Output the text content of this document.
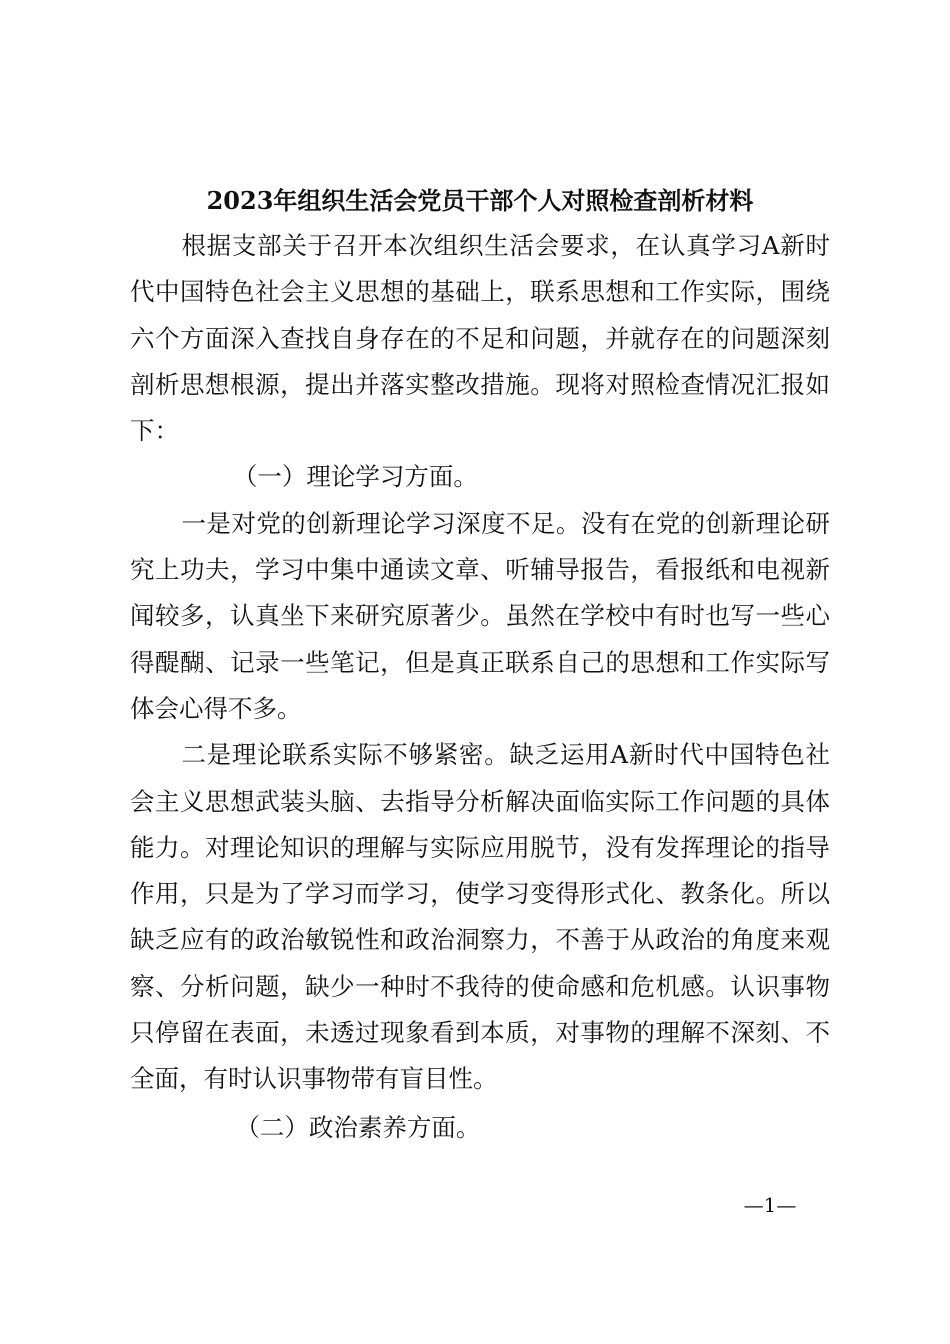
2023年组织生活会党员干部个人对照检查剖析材料

根据支部关于召开本次组织生活会要求，在认真学习A新时代中国特色社会主义思想的基础上，联系思想和工作实际，围绕六个方面深入查找自身存在的不足和问题，并就存在的问题深刻剖析思想根源，提出并落实整改措施。现将对照检查情况汇报如下：

（一）理论学习方面。

一是对党的创新理论学习深度不足。没有在党的创新理论研究上功夫，学习中集中通读文章、听辅导报告，看报纸和电视新闻较多，认真坐下来研究原著少。虽然在学校中有时也写一些心得醍醐、记录一些笔记，但是真正联系自己的思想和工作实际写体会心得不多。

二是理论联系实际不够紧密。缺乏运用A新时代中国特色社会主义思想武装头脑、去指导分析解决面临实际工作问题的具体能力。对理论知识的理解与实际应用脱节，没有发挥理论的指导作用，只是为了学习而学习，使学习变得形式化、教条化。所以缺乏应有的政治敏锐性和政治洞察力，不善于从政治的角度来观察、分析问题，缺少一种时不我待的使命感和危机感。认识事物只停留在表面，未透过现象看到本质，对事物的理解不深刻、不全面，有时认识事物带有盲目性。

（二）政治素养方面。

—1—
